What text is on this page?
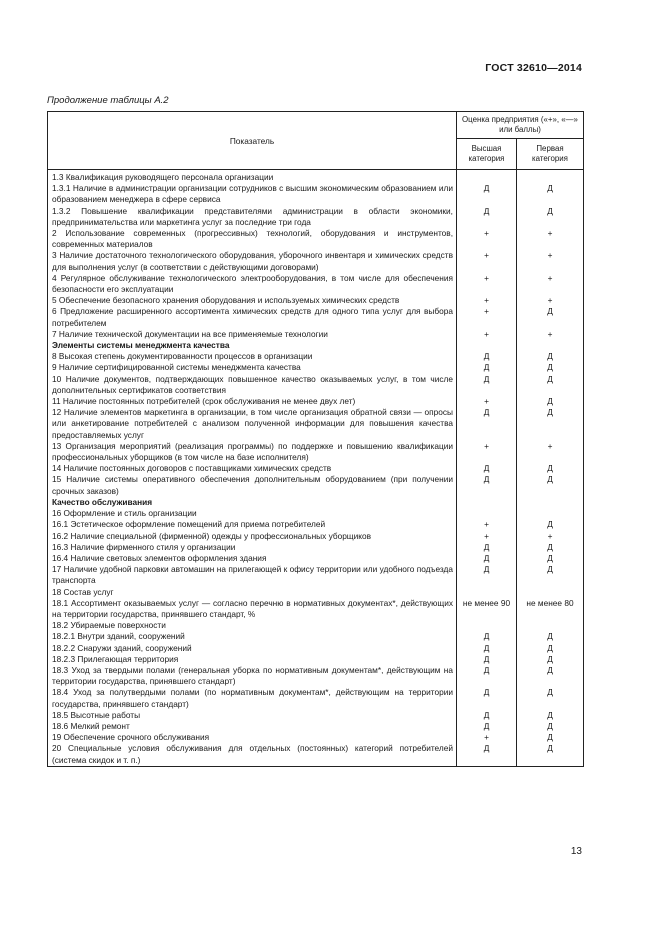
ГОСТ 32610—2014
Продолжение таблицы А.2
Показатель	Оценка предприятия («+», «—» или баллы)	
	Высшая категория	Первая категория
1.3 Квалификация руководящего персонала организации		
1.3.1 Наличие в администрации организации сотрудников с высшим экономическим образованием или образованием менеджера в сфере сервиса	Д	Д
1.3.2 Повышение квалификации представителями администрации в области экономики, предпринимательства или маркетинга услуг за последние три года	Д	Д
2 Использование современных (прогрессивных) технологий, оборудования и инструментов, современных материалов	+	+
3 Наличие достаточного технологического оборудования, уборочного инвентаря и химических средств для выполнения услуг (в соответствии с действующими договорами)	+	+
4 Регулярное обслуживание технологического электрооборудования, в том числе для обеспечения безопасности его эксплуатации	+	+
5 Обеспечение безопасного хранения оборудования и используемых химических средств	+	+
6 Предложение расширенного ассортимента химических средств для одного типа услуг для выбора потребителем	+	Д
7 Наличие технической документации на все применяемые технологии	+	+
Элементы системы менеджмента качества		
8 Высокая степень документированности процессов в организации	Д	Д
9 Наличие сертифицированной системы менеджмента качества	Д	Д
10 Наличие документов, подтверждающих повышенное качество оказываемых услуг, в том числе дополнительных сертификатов соответствия	Д	Д
11 Наличие постоянных потребителей (срок обслуживания не менее двух лет)	+	Д
12 Наличие элементов маркетинга в организации, в том числе организация обратной связи — опросы или анкетирование потребителей с анализом полученной информации для повышения качества предоставляемых услуг	Д	Д
13 Организация мероприятий (реализация программы) по поддержке и повышению квалификации профессиональных уборщиков (в том числе на базе исполнителя)	+	+
14 Наличие постоянных договоров с поставщиками химических средств	Д	Д
15 Наличие системы оперативного обеспечения дополнительным оборудованием (при получении срочных заказов)	Д	Д
Качество обслуживания		
16 Оформление и стиль организации		
16.1 Эстетическое оформление помещений для приема потребителей	+	Д
16.2 Наличие специальной (фирменной) одежды у профессиональных уборщиков	+	+
16.3 Наличие фирменного стиля у организации	Д	Д
16.4 Наличие световых элементов оформления здания	Д	Д
17 Наличие удобной парковки автомашин на прилегающей к офису территории или удобного подъезда транспорта	Д	Д
18 Состав услуг		
18.1 Ассортимент оказываемых услуг — согласно перечню в нормативных документах*, действующих на территории государства, принявшего стандарт, %	не менее 90	не менее 80
18.2 Убираемые поверхности		
18.2.1 Внутри зданий, сооружений	Д	Д
18.2.2 Снаружи зданий, сооружений	Д	Д
18.2.3 Прилегающая территория	Д	Д
18.3 Уход за твердыми полами (генеральная уборка по нормативным документам*, действующим на территории государства, принявшего стандарт)	Д	Д
18.4 Уход за полутвердыми полами (по нормативным документам*, действующим на территории государства, принявшего стандарт)	Д	Д
18.5 Высотные работы	Д	Д
18.6 Мелкий ремонт	Д	Д
19 Обеспечение срочного обслуживания	+	Д
20 Специальные условия обслуживания для отдельных (постоянных) категорий потребителей (система скидок и т. п.)	Д	Д
13
